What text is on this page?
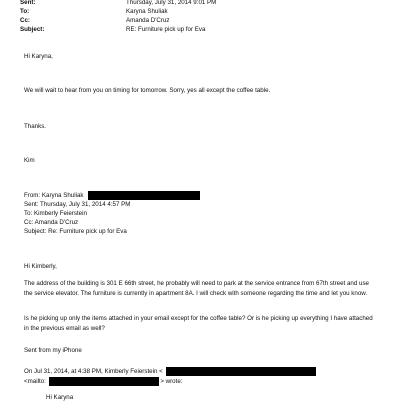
Sent:	Thursday, July 31, 2014 9:01 PM
To:	Karyna Shuliak
Cc:	Amanda D'Cruz
Subject:	RE: Furniture pick up for Eva
Hi Karyna,
We will wait to hear from you on timing for tomorrow. Sorry, yes all except the coffee table.
Thanks.
Kim
From: Karyna Shuliak
Sent: Thursday, July 31, 2014 4:57 PM
To: Kimberly Feierstein
Cc: Amanda D'Cruz
Subject: Re: Furniture pick up for Eva
Hi Kimberly,
The address of the building is 301 E 66th street, he probably will need to park at the service entrance from 67th street and use the service elevator. The furniture is currently in apartment 8A. I will check with someone regarding the time and let you know.
Is he picking up only the items attached in your email except for the coffee table? Or is he picking up everything I have attached in the previous email as well?
Sent from my iPhone
On Jul 31, 2014, at 4:38 PM, Kimberly Feierstein <
<mailto:	> wrote:
Hi Karyna
